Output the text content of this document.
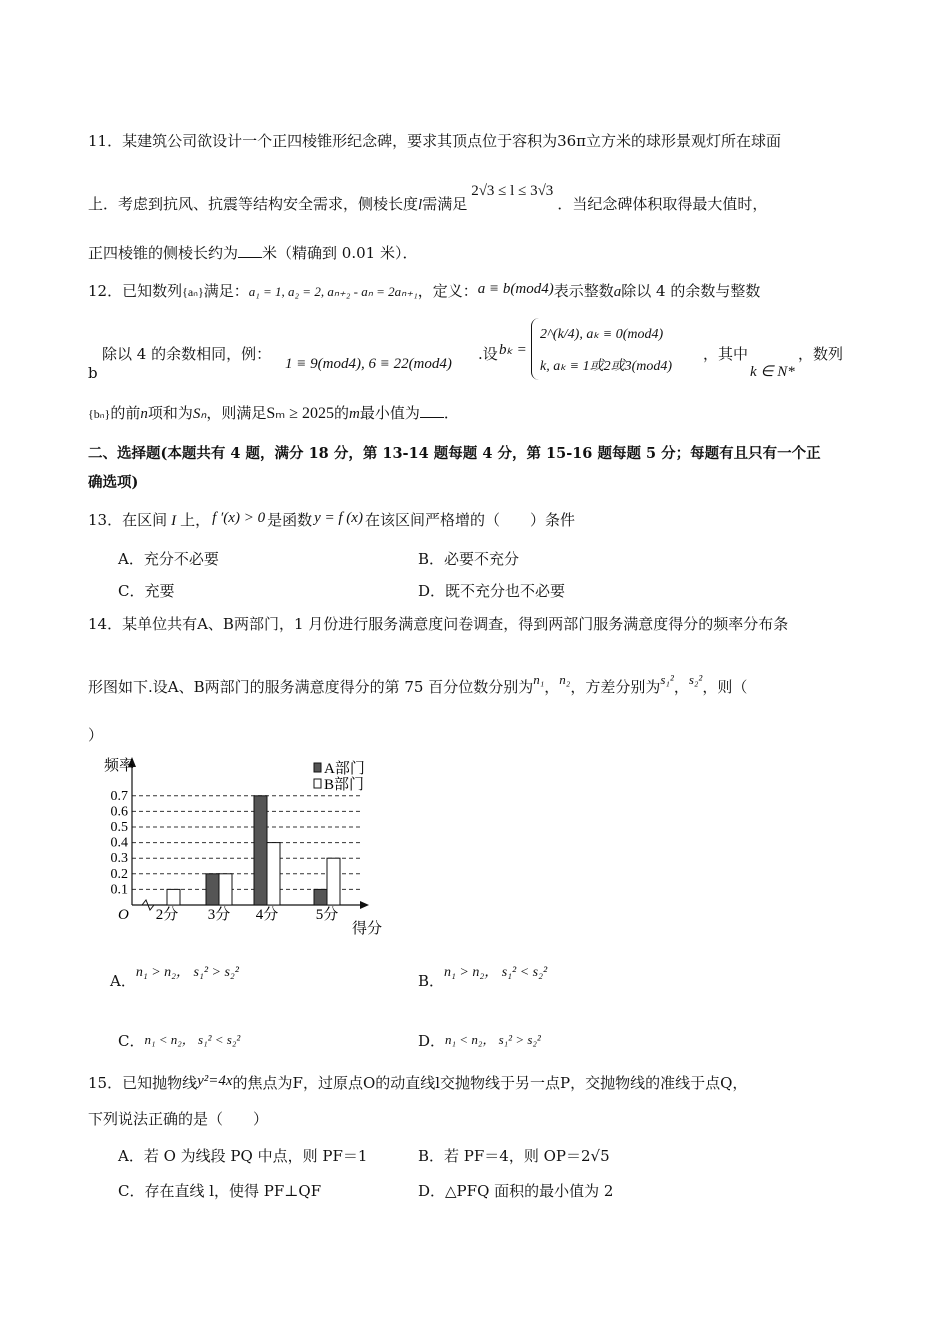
11．某建筑公司欲设计一个正四棱锥形纪念碑，要求其顶点位于容积为36π立方米的球形景观灯所在球面
上．考虑到抗风、抗震等结构安全需求，侧棱长度l需满足2√3 ≤ l ≤ 3√3．当纪念碑体积取得最大值时，
正四棱锥的侧棱长约为 米（精确到 0.01 米）．
12．已知数列{aₙ}满足：a₁ = 1, a₂ = 2, aₙ₊₂ - aₙ = 2aₙ₊₁，定义：a ≡ b(mod4)表示整数a除以 4 的余数与整数
除以 4 的余数相同，例：
b	1 ≡ 9(mod4), 6 ≡ 22(mod4)
.设 bₖ =
2^(k/4), aₖ ≡ 0(mod4)
k, aₖ ≡ 1或2或3(mod4)
，其中
k ∈ N*
，数列
{bₙ}的前n项和为Sₙ，则满足Sₘ ≥ 2025的m最小值为 ．
二、选择题(本题共有 4 题，满分 18 分，第 13-14 题每题 4 分，第 15-16 题每题 5 分；每题有且只有一个正
确选项)
13．在区间 I 上， f ′(x) > 0 是函数 y = f (x) 在该区间严格增的（　　）条件
A．充分不必要	B．必要不充分
C．充要	D．既不充分也不必要
14．某单位共有A、B两部门，1 月份进行服务满意度问卷调查，得到两部门服务满意度得分的频率分布条
形图如下.设A、B两部门的服务满意度得分的第 75 百分位数分别为n₁，n₂，方差分别为s₁²，s₂²，则（
）
0.1
0.2
0.3
0.4
0.5
0.6
0.7
频率
得分
O 2分 3分 4分 5分
A部门
B部门
A．n₁ > n₂， s₁² > s₂²	B．n₁ > n₂， s₁² < s₂²
C．n₁ < n₂， s₁² < s₂²	D．n₁ < n₂， s₁² > s₂²
15．已知抛物线y²=4x的焦点为F，过原点O的动直线l交抛物线于另一点P，交抛物线的准线于点Q，
下列说法正确的是（　　）
A．若 O 为线段 PQ 中点，则 PF＝1	B．若 PF＝4，则 OP＝2√5
C．存在直线 l，使得 PF⊥QF	D．△PFQ 面积的最小值为 2
